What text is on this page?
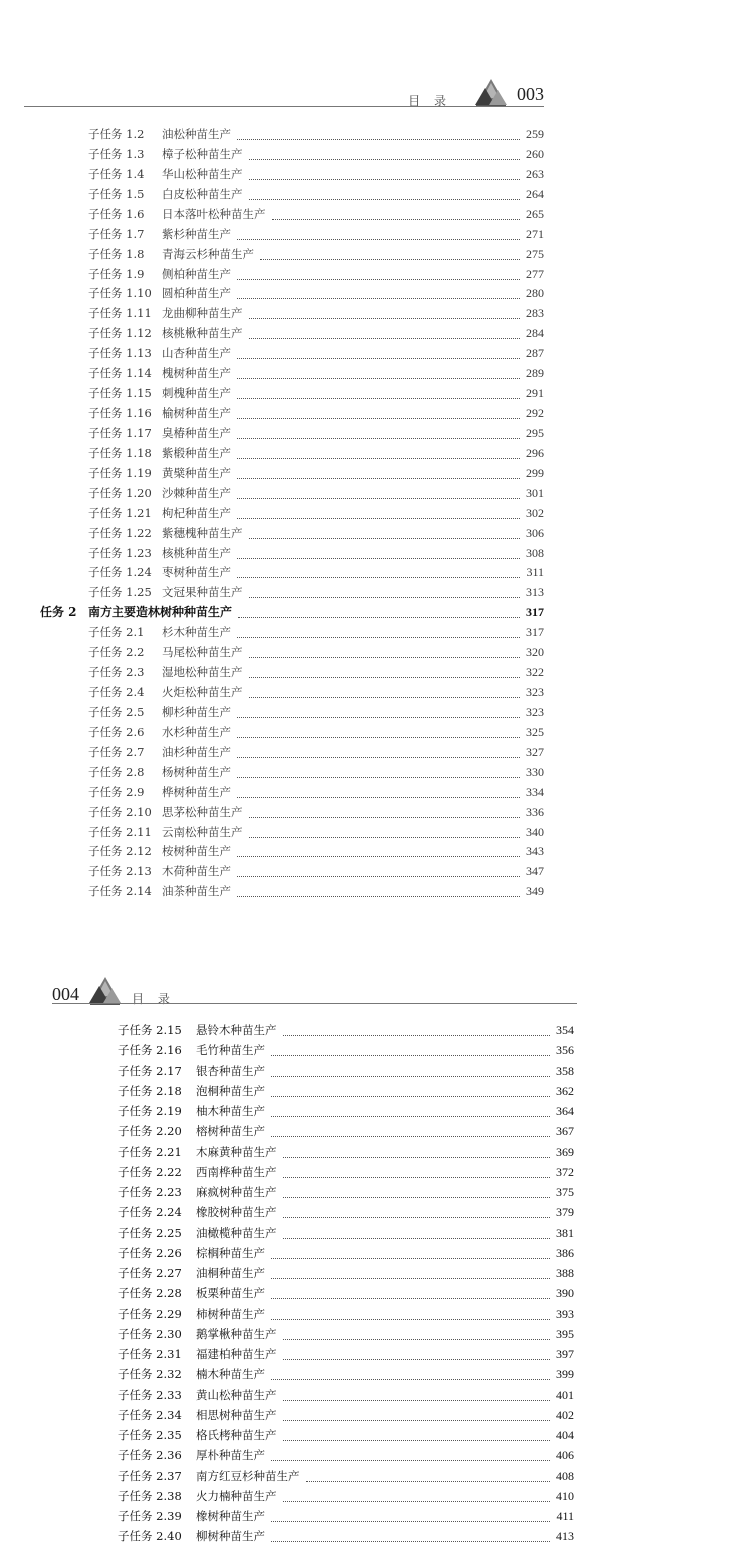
目 录	003
子任务 1.2	油松种苗生产	259
子任务 1.3	樟子松种苗生产	260
子任务 1.4	华山松种苗生产	263
子任务 1.5	白皮松种苗生产	264
子任务 1.6	日本落叶松种苗生产	265
子任务 1.7	紫杉种苗生产	271
子任务 1.8	青海云杉种苗生产	275
子任务 1.9	侧柏种苗生产	277
子任务 1.10 圆柏种苗生产	280
子任务 1.11 龙曲柳种苗生产	283
子任务 1.12 核桃楸种苗生产	284
子任务 1.13 山杏种苗生产	287
子任务 1.14 槐树种苗生产	289
子任务 1.15 刺槐种苗生产	291
子任务 1.16 榆树种苗生产	292
子任务 1.17 臭椿种苗生产	295
子任务 1.18 紫椴种苗生产	296
子任务 1.19 黄檗种苗生产	299
子任务 1.20 沙棘种苗生产	301
子任务 1.21 枸杞种苗生产	302
子任务 1.22 紫穗槐种苗生产	306
子任务 1.23 核桃种苗生产	308
子任务 1.24 枣树种苗生产	311
子任务 1.25 文冠果种苗生产	313
任务 2 南方主要造林树种种苗生产	317
子任务 2.1	杉木种苗生产	317
子任务 2.2	马尾松种苗生产	320
子任务 2.3	湿地松种苗生产	322
子任务 2.4	火炬松种苗生产	323
子任务 2.5	柳杉种苗生产	323
子任务 2.6	水杉种苗生产	325
子任务 2.7	油杉种苗生产	327
子任务 2.8	杨树种苗生产	330
子任务 2.9	桦树种苗生产	334
子任务 2.10 思茅松种苗生产	336
子任务 2.11 云南松种苗生产	340
子任务 2.12 桉树种苗生产	343
子任务 2.13 木荷种苗生产	347
子任务 2.14 油茶种苗生产	349
004	目 录
子任务 2.15	悬铃木种苗生产	354
子任务 2.16	毛竹种苗生产	356
子任务 2.17	银杏种苗生产	358
子任务 2.18	泡桐种苗生产	362
子任务 2.19	柚木种苗生产	364
子任务 2.20	榕树种苗生产	367
子任务 2.21	木麻黄种苗生产	369
子任务 2.22	西南桦种苗生产	372
子任务 2.23	麻疯树种苗生产	375
子任务 2.24	橡胶树种苗生产	379
子任务 2.25	油橄榄种苗生产	381
子任务 2.26	棕榈种苗生产	386
子任务 2.27	油桐种苗生产	388
子任务 2.28	板栗种苗生产	390
子任务 2.29	柿树种苗生产	393
子任务 2.30	鹅掌楸种苗生产	395
子任务 2.31	福建柏种苗生产	397
子任务 2.32	楠木种苗生产	399
子任务 2.33	黄山松种苗生产	401
子任务 2.34	相思树种苗生产	402
子任务 2.35	格氏栲种苗生产	404
子任务 2.36	厚朴种苗生产	406
子任务 2.37	南方红豆杉种苗生产	408
子任务 2.38	火力楠种苗生产	410
子任务 2.39	橡树种苗生产	411
子任务 2.40	柳树种苗生产	413
